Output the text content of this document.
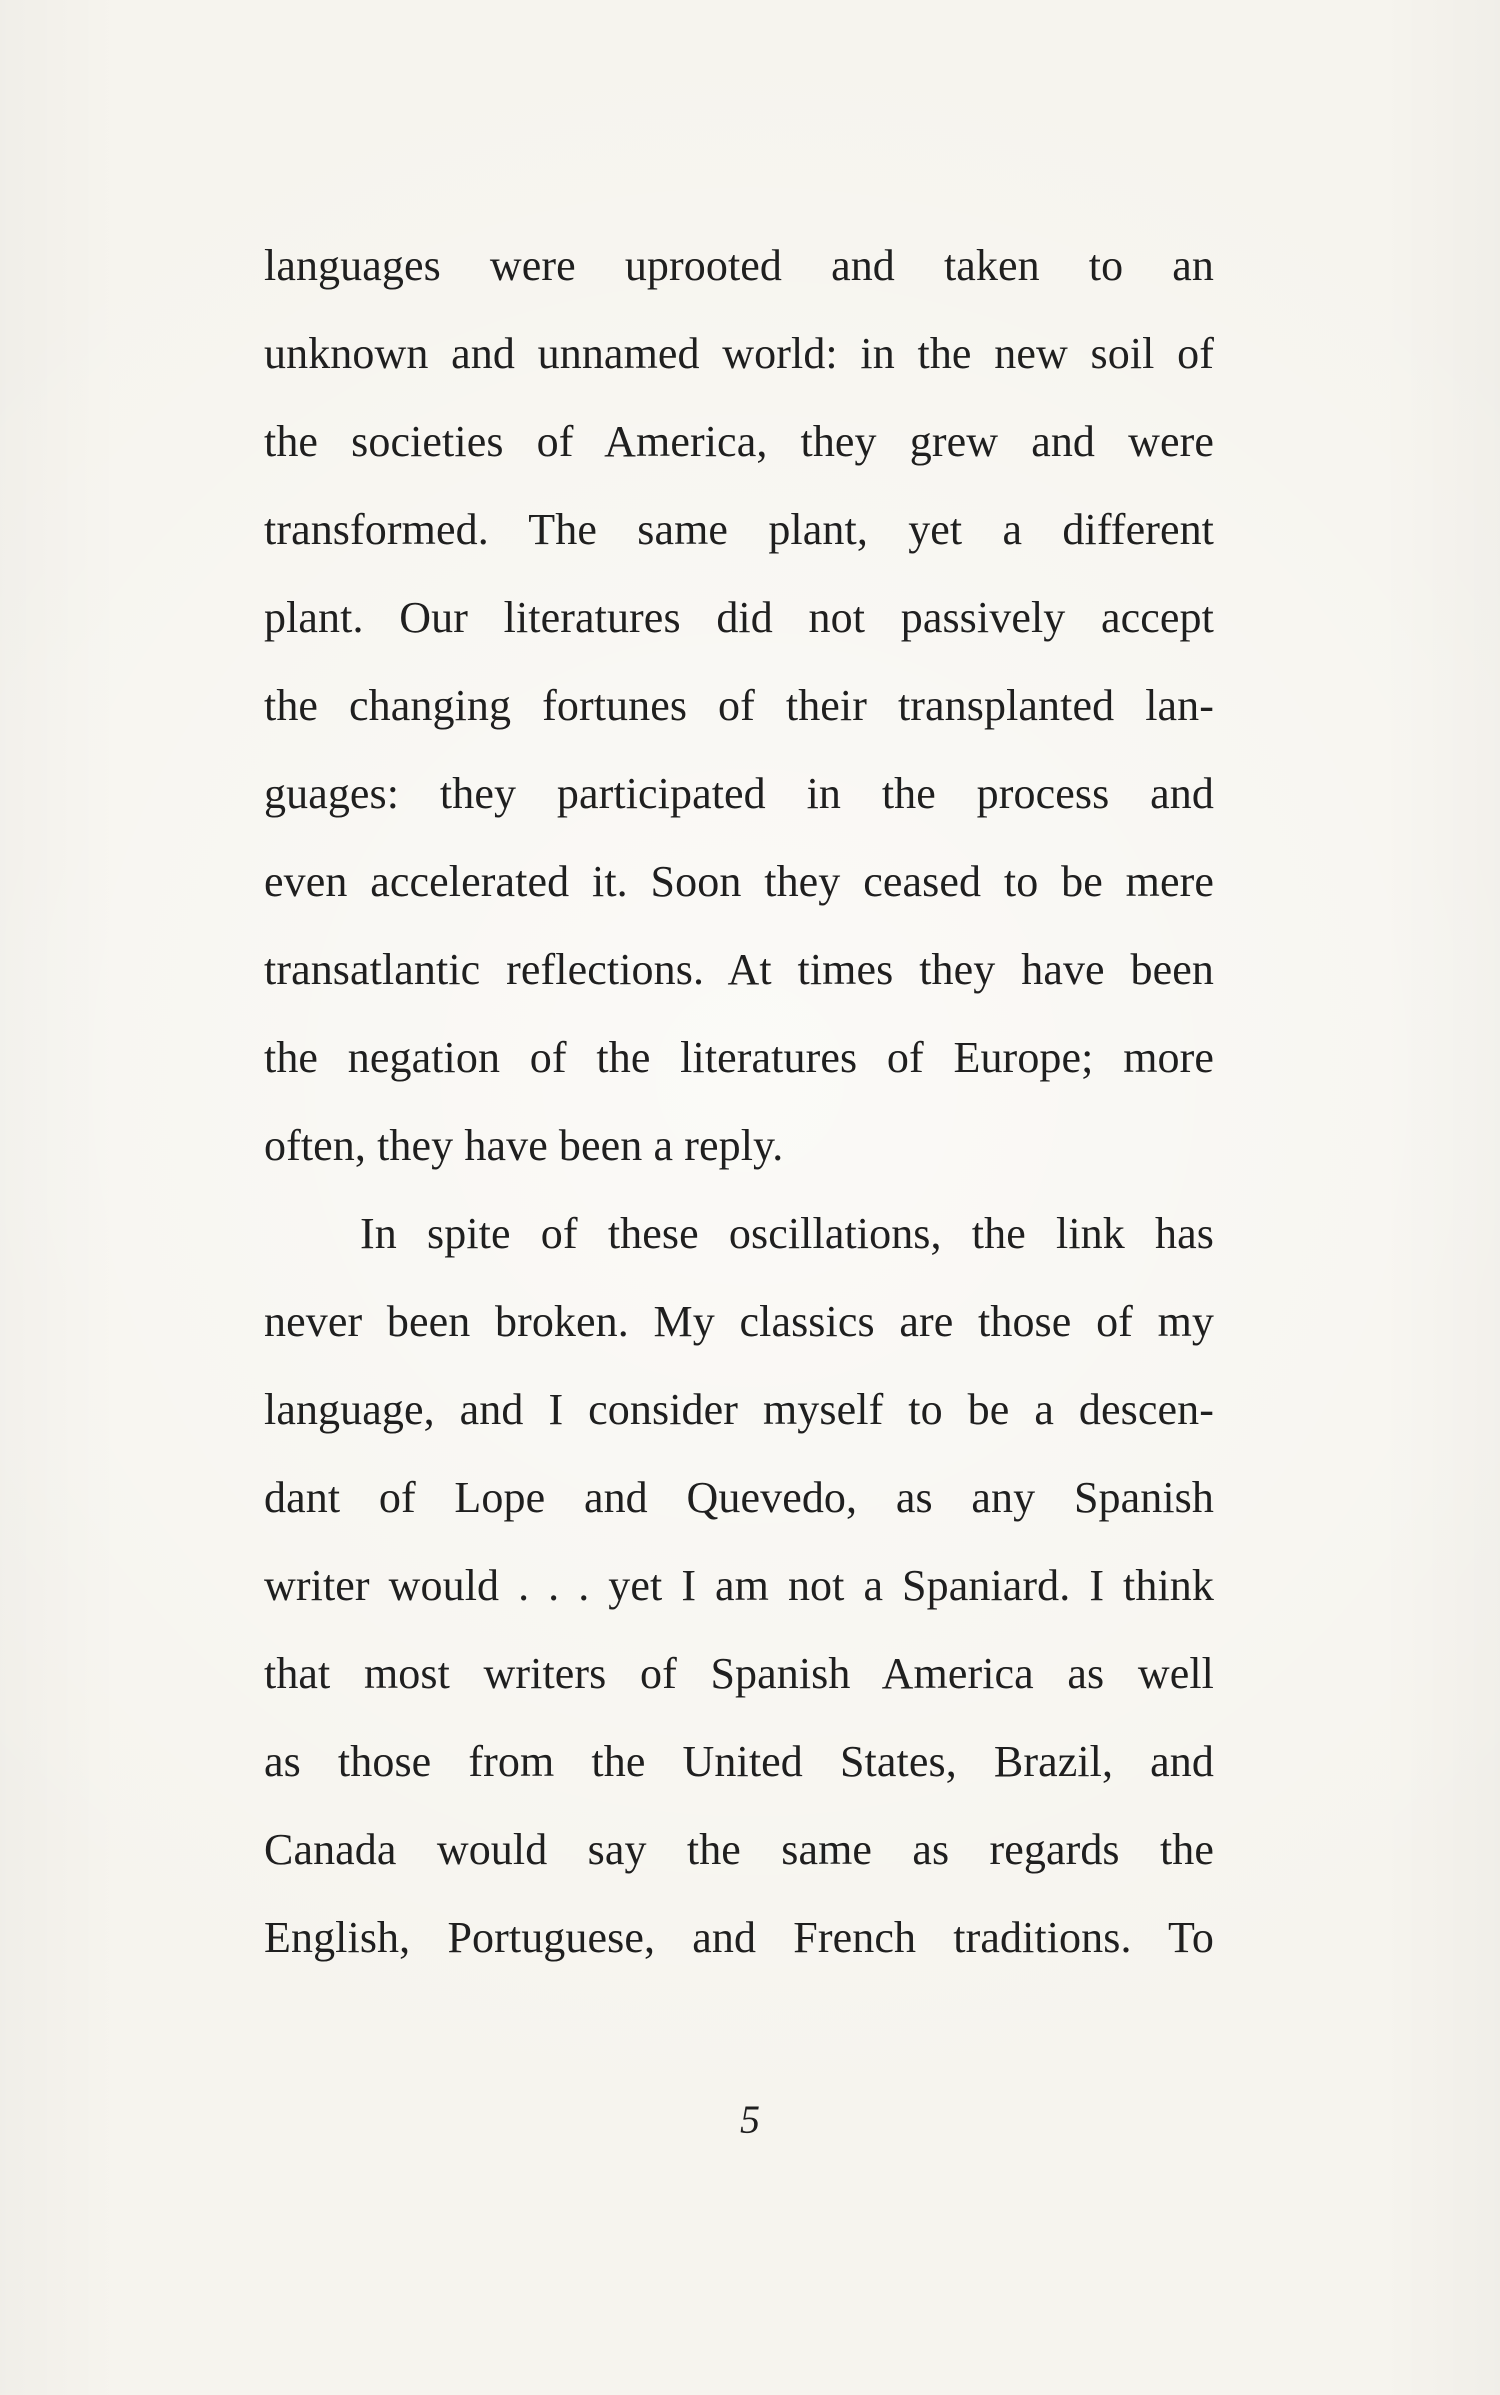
languages were uprooted and taken to an
unknown and unnamed world: in the new soil of
the societies of America, they grew and were
transformed. The same plant, yet a different
plant. Our literatures did not passively accept
the changing fortunes of their transplanted lan-
guages: they participated in the process and
even accelerated it. Soon they ceased to be mere
transatlantic reflections. At times they have been
the negation of the literatures of Europe; more
often, they have been a reply.
In spite of these oscillations, the link has
never been broken. My classics are those of my
language, and I consider myself to be a descen-
dant of Lope and Quevedo, as any Spanish
writer would . . . yet I am not a Spaniard. I think
that most writers of Spanish America as well
as those from the United States, Brazil, and
Canada would say the same as regards the
English, Portuguese, and French traditions. To
5
